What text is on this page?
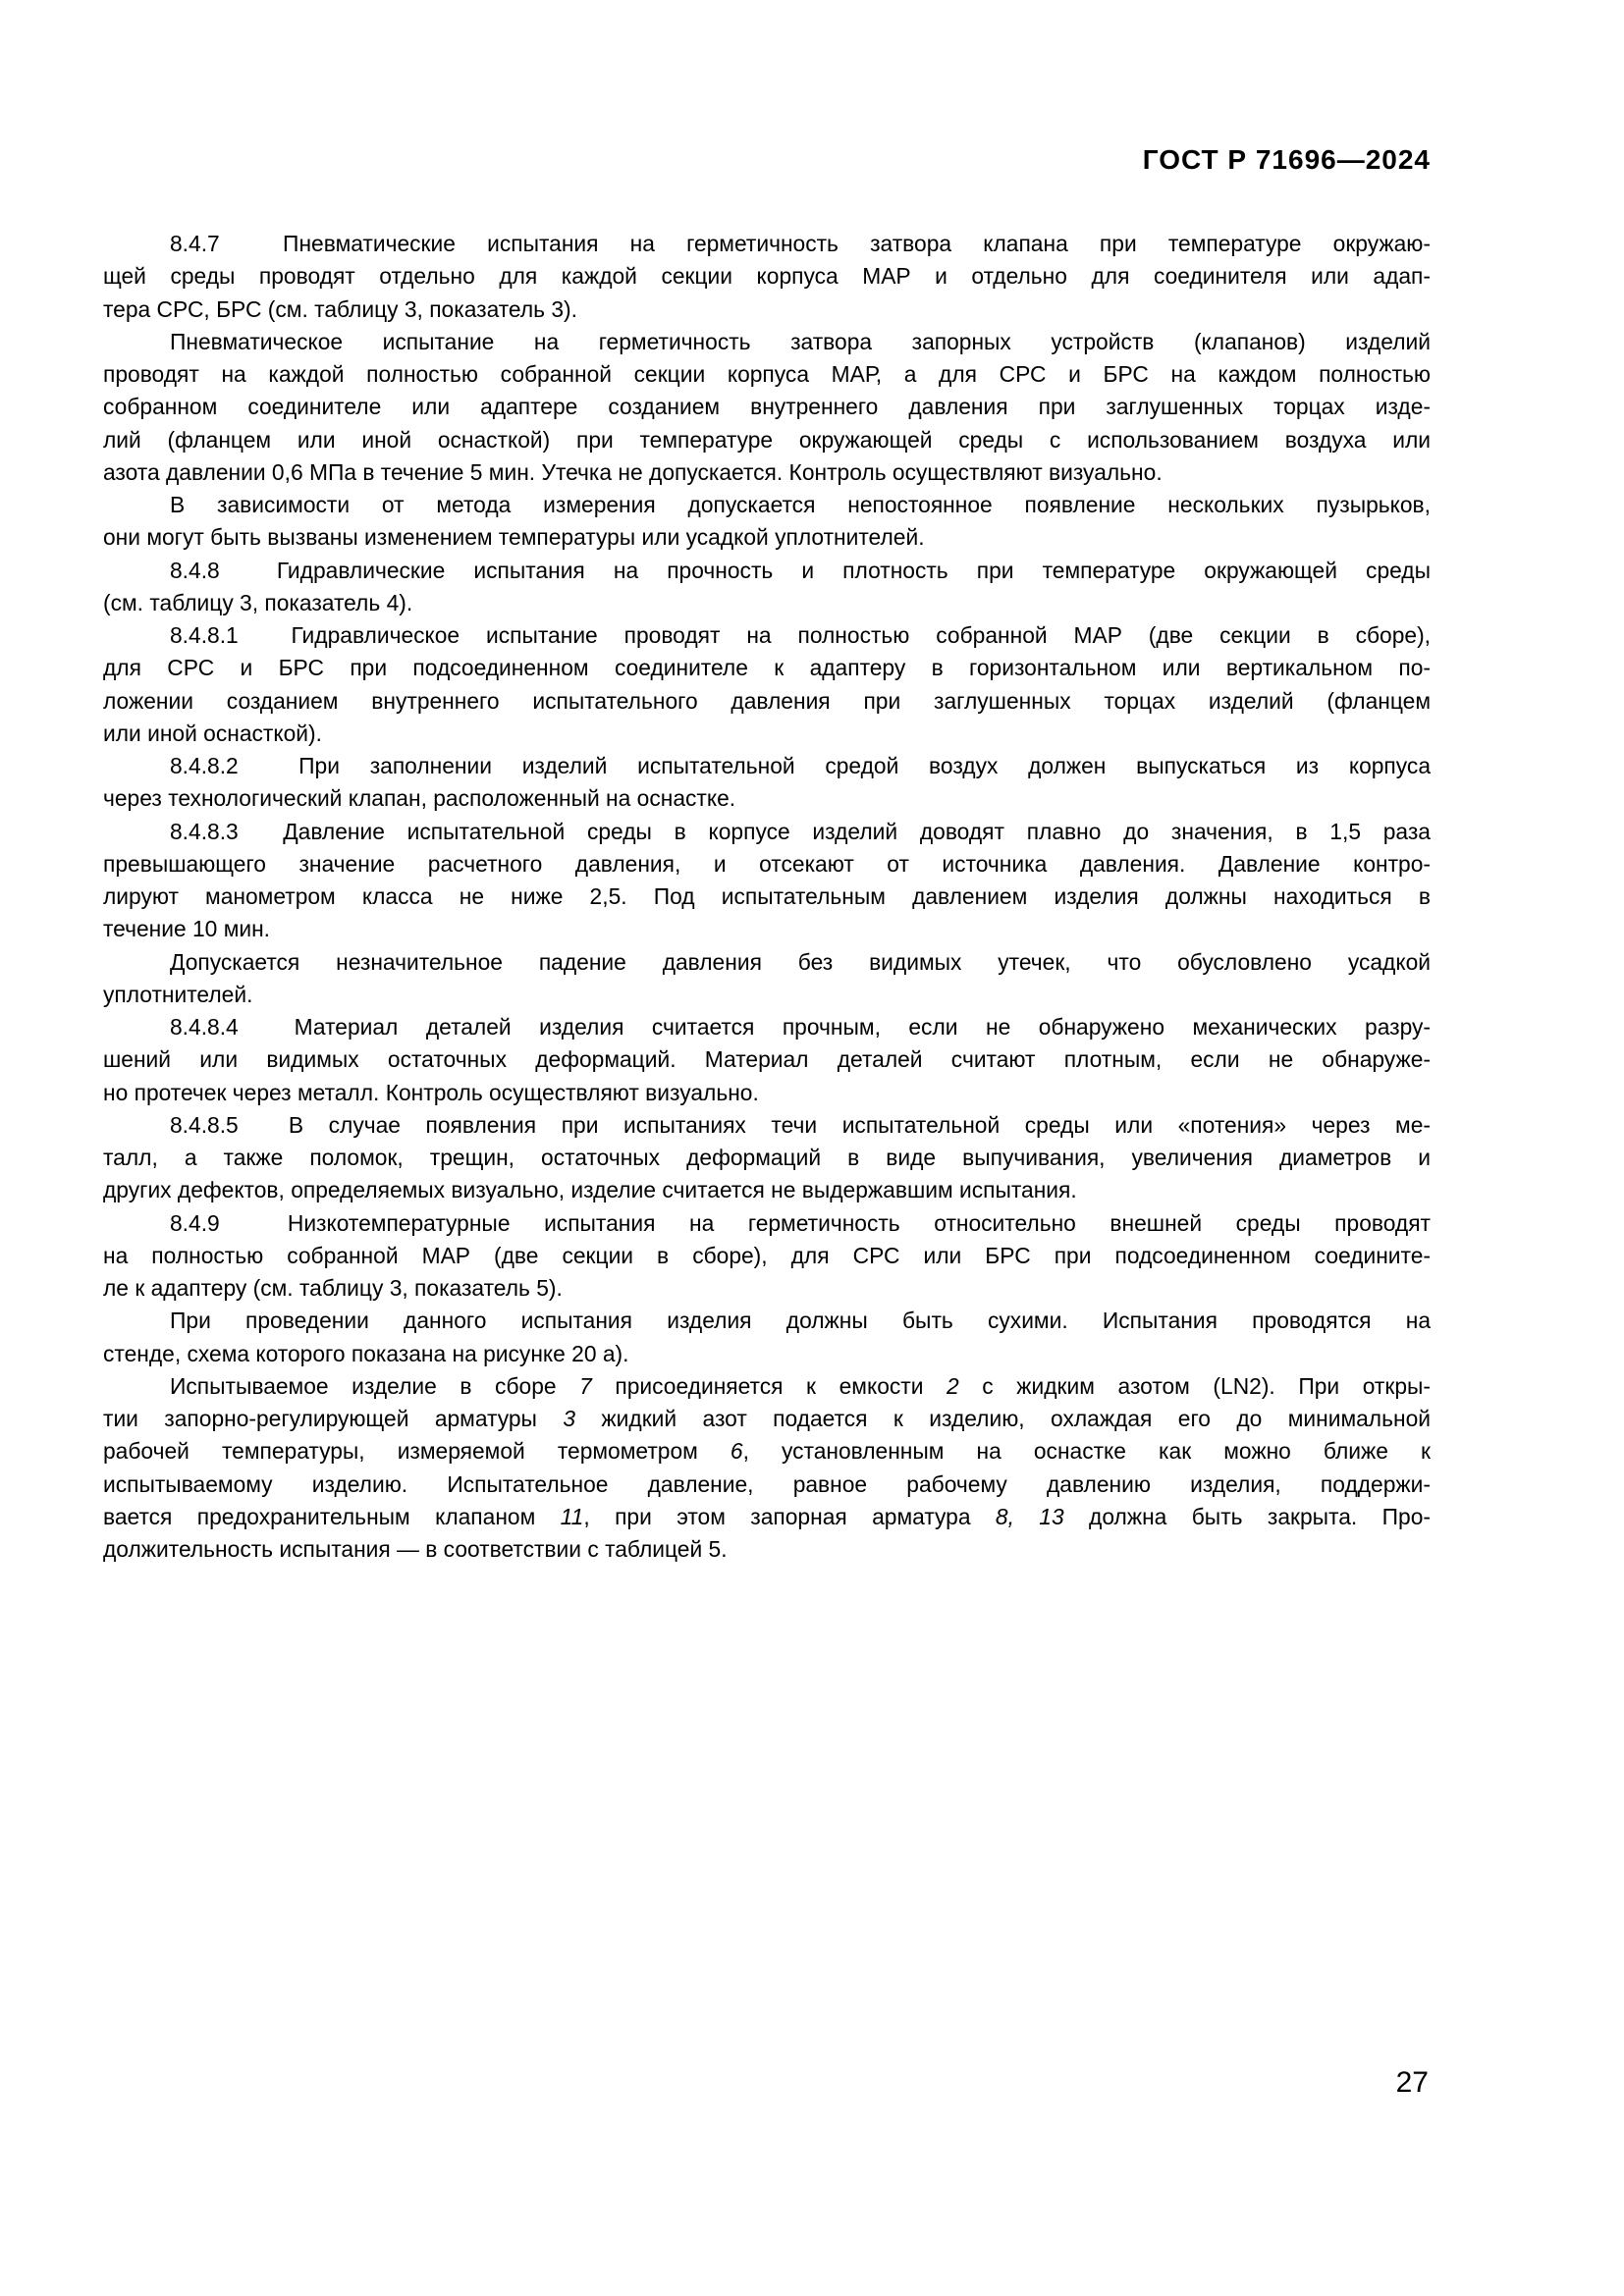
ГОСТ Р 71696—2024
8.4.7  Пневматические испытания на герметичность затвора клапана при температуре окружаю-
щей среды проводят отдельно для каждой секции корпуса МАР и отдельно для соединителя или адап-
тера СРС, БРС (см. таблицу 3, показатель 3).
Пневматическое испытание на герметичность затвора запорных устройств (клапанов) изделий
проводят на каждой полностью собранной секции корпуса МАР, а для СРС и БРС на каждом полностью
собранном соединителе или адаптере созданием внутреннего давления при заглушенных торцах изде-
лий (фланцем или иной оснасткой) при температуре окружающей среды с использованием воздуха или
азота давлении 0,6 МПа в течение 5 мин. Утечка не допускается. Контроль осуществляют визуально.
В зависимости от метода измерения допускается непостоянное появление нескольких пузырьков,
они могут быть вызваны изменением температуры или усадкой уплотнителей.
8.4.8  Гидравлические испытания на прочность и плотность при температуре окружающей среды
(см. таблицу 3, показатель 4).
8.4.8.1  Гидравлическое испытание проводят на полностью собранной МАР (две секции в сборе),
для СРС и БРС при подсоединенном соединителе к адаптеру в горизонтальном или вертикальном по-
ложении созданием внутреннего испытательного давления при заглушенных торцах изделий (фланцем
или иной оснасткой).
8.4.8.2  При заполнении изделий испытательной средой воздух должен выпускаться из корпуса
через технологический клапан, расположенный на оснастке.
8.4.8.3  Давление испытательной среды в корпусе изделий доводят плавно до значения, в 1,5 раза
превышающего значение расчетного давления, и отсекают от источника давления. Давление контро-
лируют манометром класса не ниже 2,5. Под испытательным давлением изделия должны находиться в
течение 10 мин.
Допускается незначительное падение давления без видимых утечек, что обусловлено усадкой
уплотнителей.
8.4.8.4  Материал деталей изделия считается прочным, если не обнаружено механических разру-
шений или видимых остаточных деформаций. Материал деталей считают плотным, если не обнаруже-
но протечек через металл. Контроль осуществляют визуально.
8.4.8.5  В случае появления при испытаниях течи испытательной среды или «потения» через ме-
талл, а также поломок, трещин, остаточных деформаций в виде выпучивания, увеличения диаметров и
других дефектов, определяемых визуально, изделие считается не выдержавшим испытания.
8.4.9  Низкотемпературные испытания на герметичность относительно внешней среды проводят
на полностью собранной МАР (две секции в сборе), для СРС или БРС при подсоединенном соедините-
ле к адаптеру (см. таблицу 3, показатель 5).
При проведении данного испытания изделия должны быть сухими. Испытания проводятся на
стенде, схема которого показана на рисунке 20 а).
Испытываемое изделие в сборе 7 присоединяется к емкости 2 с жидким азотом (LN2). При откры-
тии запорно-регулирующей арматуры 3 жидкий азот подается к изделию, охлаждая его до минимальной
рабочей температуры, измеряемой термометром 6, установленным на оснастке как можно ближе к
испытываемому изделию. Испытательное давление, равное рабочему давлению изделия, поддержи-
вается предохранительным клапаном 11, при этом запорная арматура 8, 13 должна быть закрыта. Про-
должительность испытания — в соответствии с таблицей 5.
27
